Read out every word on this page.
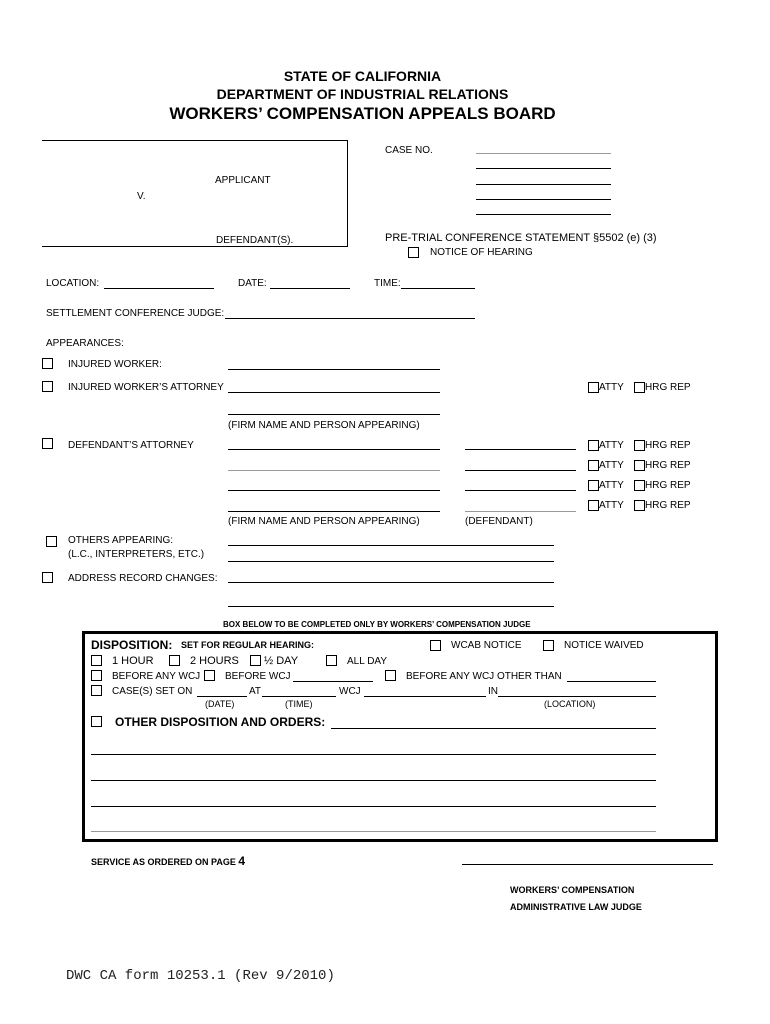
STATE OF CALIFORNIA
DEPARTMENT OF INDUSTRIAL RELATIONS
WORKERS’ COMPENSATION APPEALS BOARD
CASE NO.
APPLICANT
V.
DEFENDANT(S).	PRE-TRIAL CONFERENCE STATEMENT §5502 (e) (3)
NOTICE OF HEARING
LOCATION:	DATE:	TIME:
SETTLEMENT CONFERENCE JUDGE:
APPEARANCES:
INJURED WORKER:
INJURED WORKER’S ATTORNEY	ATTY HRG REP
(FIRM NAME AND PERSON APPEARING)
DEFENDANT’S ATTORNEY	ATTY HRG REP
ATTY HRG REP
ATTY HRG REP
ATTY HRG REP
(FIRM NAME AND PERSON APPEARING)	(DEFENDANT)
OTHERS APPEARING:
(L.C., INTERPRETERS, ETC.)
ADDRESS RECORD CHANGES:
BOX BELOW TO BE COMPLETED ONLY BY WORKERS’ COMPENSATION JUDGE
DISPOSITION: SET FOR REGULAR HEARING:	WCAB NOTICE	NOTICE WAIVED
1 HOUR	2 HOURS ½ DAY	ALL DAY
BEFORE ANY WCJ BEFORE WCJ	BEFORE ANY WCJ OTHER THAN
CASE(S) SET ON	AT	WCJ	IN
(DATE)	(TIME)	(LOCATION)
OTHER DISPOSITION AND ORDERS:
SERVICE AS ORDERED ON PAGE 4
WORKERS’ COMPENSATION
ADMINISTRATIVE LAW JUDGE
DWC CA form 10253.1 (Rev 9/2010)
